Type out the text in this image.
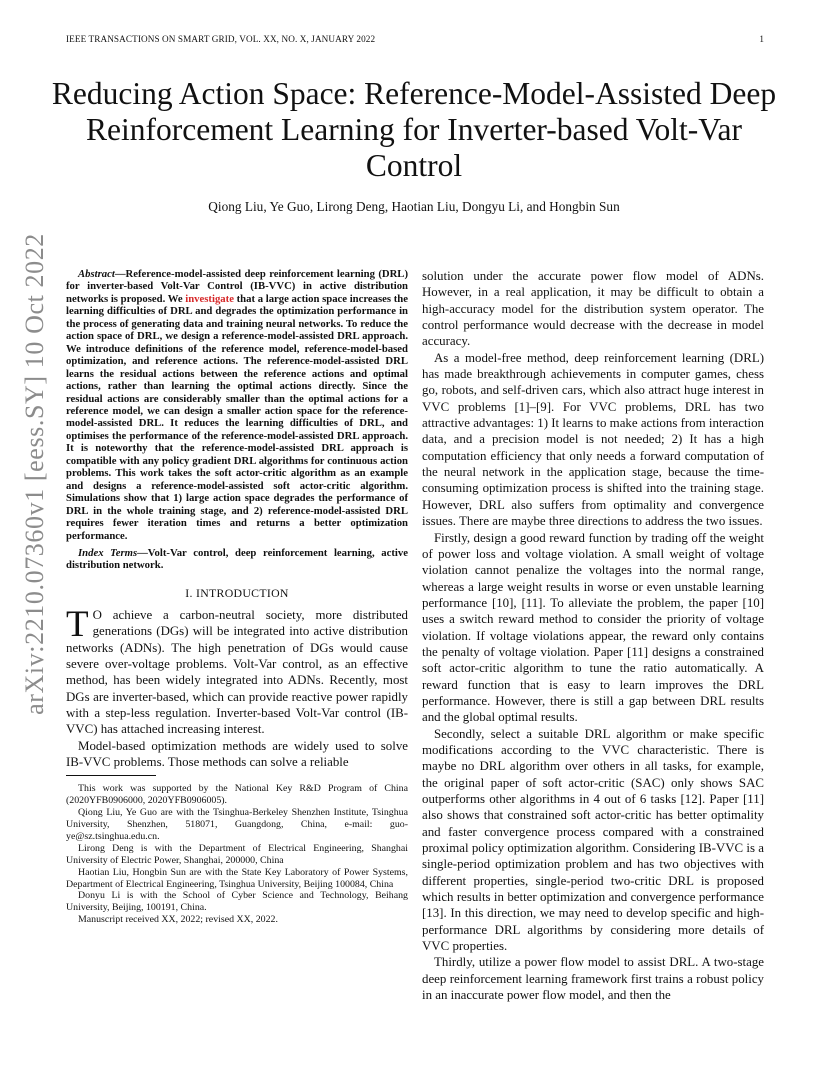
IEEE TRANSACTIONS ON SMART GRID, VOL. XX, NO. X, JANUARY 2022	1
Reducing Action Space: Reference-Model-Assisted Deep Reinforcement Learning for Inverter-based Volt-Var Control
Qiong Liu, Ye Guo, Lirong Deng, Haotian Liu, Dongyu Li, and Hongbin Sun
arXiv:2210.07360v1 [eess.SY] 10 Oct 2022	Abstract—Reference-model-assisted deep reinforcement learning (DRL) for inverter-based Volt-Var Control (IB-VVC) in active distribution networks is proposed. We investigate that a large action space increases the learning difficulties of DRL and degrades the optimization performance in the process of generating data and training neural networks. To reduce the action space of DRL, we design a reference-model-assisted DRL approach. We introduce definitions of the reference model, reference-model-based optimization, and reference actions. The reference-model-assisted DRL learns the residual actions between the reference actions and optimal actions, rather than learning the optimal actions directly. Since the residual actions are considerably smaller than the optimal actions for a reference model, we can design a smaller action space for the reference-model-assisted DRL. It reduces the learning difficulties of DRL, and optimises the performance of the reference-model-assisted DRL approach. It is noteworthy that the reference-model-assisted DRL approach is compatible with any policy gradient DRL algorithms for continuous action problems. This work takes the soft actor-critic algorithm as an example and designs a reference-model-assisted soft actor-critic algorithm. Simulations show that 1) large action space degrades the performance of DRL in the whole training stage, and 2) reference-model-assisted DRL requires fewer iteration times and returns a better optimization performance.

Index Terms—Volt-Var control, deep reinforcement learning, active distribution network.

I. INTRODUCTION

T O achieve a carbon-neutral society, more distributed generations (DGs) will be integrated into active distribution networks (ADNs). The high penetration of DGs would cause severe over-voltage problems. Volt-Var control, as an effective method, has been widely integrated into ADNs. Recently, most DGs are inverter-based, which can provide reactive power rapidly with a step-less regulation. Inverter-based Volt-Var control (IB-VVC) has attached increasing interest.

Model-based optimization methods are widely used to solve IB-VVC problems. Those methods can solve a reliable

This work was supported by the National Key R&D Program of China (2020YFB0906000, 2020YFB0906005).

Qiong Liu, Ye Guo are with the Tsinghua-Berkeley Shenzhen Institute, Tsinghua University, Shenzhen, 518071, Guangdong, China, e-mail: guo-ye@sz.tsinghua.edu.cn.

Lirong Deng is with the Department of Electrical Engineering, Shanghai University of Electric Power, Shanghai, 200000, China

Haotian Liu, Hongbin Sun are with the State Key Laboratory of Power Systems, Department of Electrical Engineering, Tsinghua University, Beijing 100084, China

Donyu Li is with the School of Cyber Science and Technology, Beihang University, Beijing, 100191, China.

Manuscript received XX, 2022; revised XX, 2022.

solution under the accurate power flow model of ADNs. However, in a real application, it may be difficult to obtain a high-accuracy model for the distribution system operator. The control performance would decrease with the decrease in model accuracy.

As a model-free method, deep reinforcement learning (DRL) has made breakthrough achievements in computer games, chess go, robots, and self-driven cars, which also attract huge interest in VVC problems [1]–[9]. For VVC problems, DRL has two attractive advantages: 1) It learns to make actions from interaction data, and a precision model is not needed; 2) It has a high computation efficiency that only needs a forward computation of the neural network in the application stage, because the time-consuming optimization process is shifted into the training stage. However, DRL also suffers from optimality and convergence issues. There are maybe three directions to address the two issues.

Firstly, design a good reward function by trading off the weight of power loss and voltage violation. A small weight of voltage violation cannot penalize the voltages into the normal range, whereas a large weight results in worse or even unstable learning performance [10], [11]. To alleviate the problem, the paper [10] uses a switch reward method to consider the priority of voltage violation. If voltage violations appear, the reward only contains the penalty of voltage violation. Paper [11] designs a constrained soft actor-critic algorithm to tune the ratio automatically. A reward function that is easy to learn improves the DRL performance. However, there is still a gap between DRL results and the global optimal results.

Secondly, select a suitable DRL algorithm or make specific modifications according to the VVC characteristic. There is maybe no DRL algorithm over others in all tasks, for example, the original paper of soft actor-critic (SAC) only shows SAC outperforms other algorithms in 4 out of 6 tasks [12]. Paper [11] also shows that constrained soft actor-critic has better optimality and faster convergence process compared with a constrained proximal policy optimization algorithm. Considering IB-VVC is a single-period optimization problem and has two objectives with different properties, single-period two-critic DRL is proposed which results in better optimization and convergence performance [13]. In this direction, we may need to develop specific and high-performance DRL algorithms by considering more details of VVC properties.

Thirdly, utilize a power flow model to assist DRL. A two-stage deep reinforcement learning framework first trains a robust policy in an inaccurate power flow model, and then the
